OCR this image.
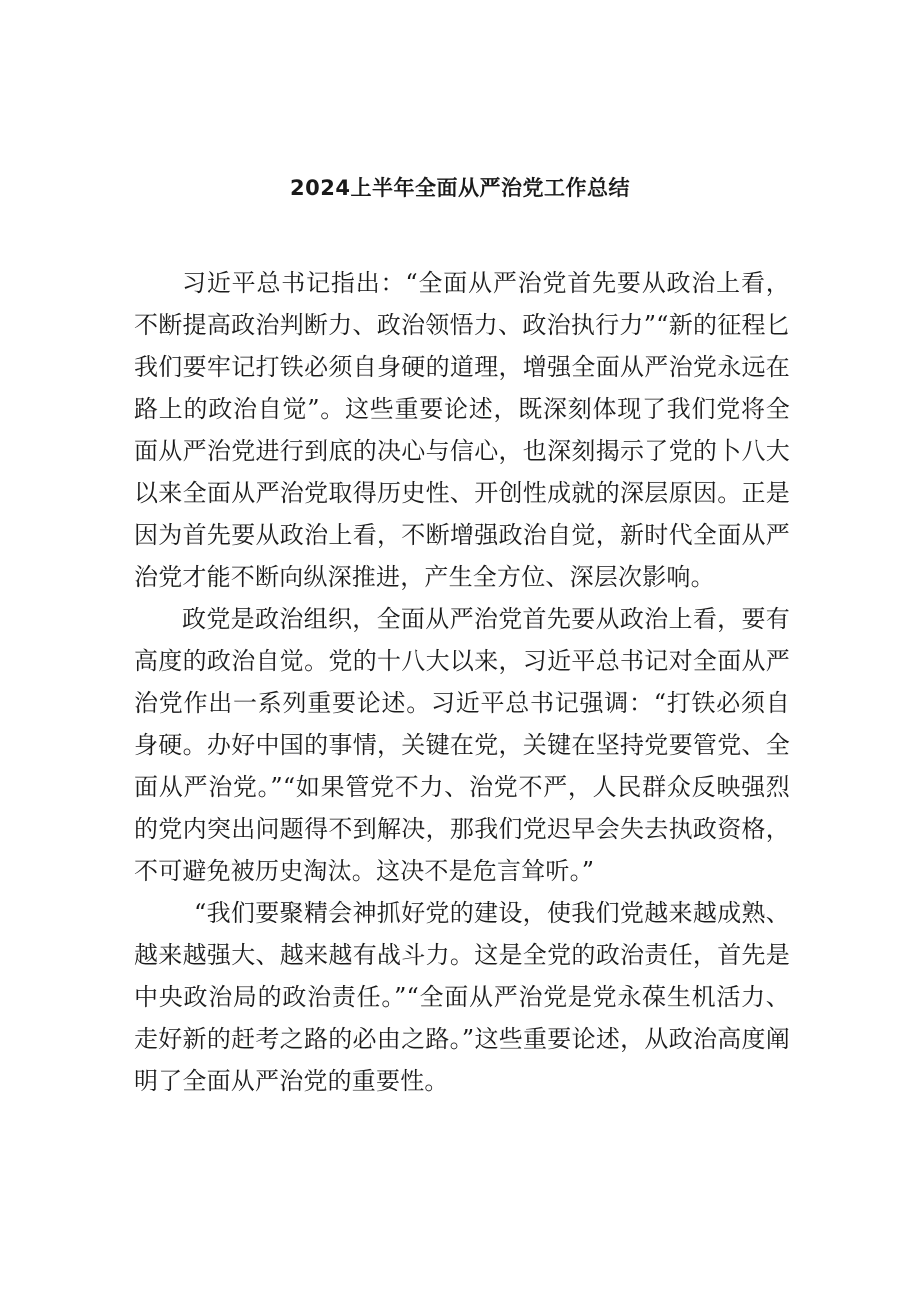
2024上半年全面从严治党工作总结

习近平总书记指出：“全面从严治党首先要从政治上看，不断提高政治判断力、政治领悟力、政治执行力”“新的征程匕我们要牢记打铁必须自身硬的道理，增强全面从严治党永远在路上的政治自觉”。这些重要论述，既深刻体现了我们党将全面从严治党进行到底的决心与信心，也深刻揭示了党的卜八大以来全面从严治党取得历史性、开创性成就的深层原因。正是因为首先要从政治上看，不断增强政治自觉，新时代全面从严治党才能不断向纵深推进，产生全方位、深层次影响。

政党是政治组织，全面从严治党首先要从政治上看，要有高度的政治自觉。党的十八大以来，习近平总书记对全面从严治党作出一系列重要论述。习近平总书记强调：“打铁必须自身硬。办好中国的事情，关键在党，关键在坚持党要管党、全面从严治党。”“如果管党不力、治党不严，人民群众反映强烈的党内突出问题得不到解决，那我们党迟早会失去执政资格，不可避免被历史淘汰。这决不是危言耸听。”

“我们要聚精会神抓好党的建设，使我们党越来越成熟、越来越强大、越来越有战斗力。这是全党的政治责任，首先是中央政治局的政治责任。”“全面从严治党是党永葆生机活力、走好新的赶考之路的必由之路。”这些重要论述，从政治高度阐明了全面从严治党的重要性。
